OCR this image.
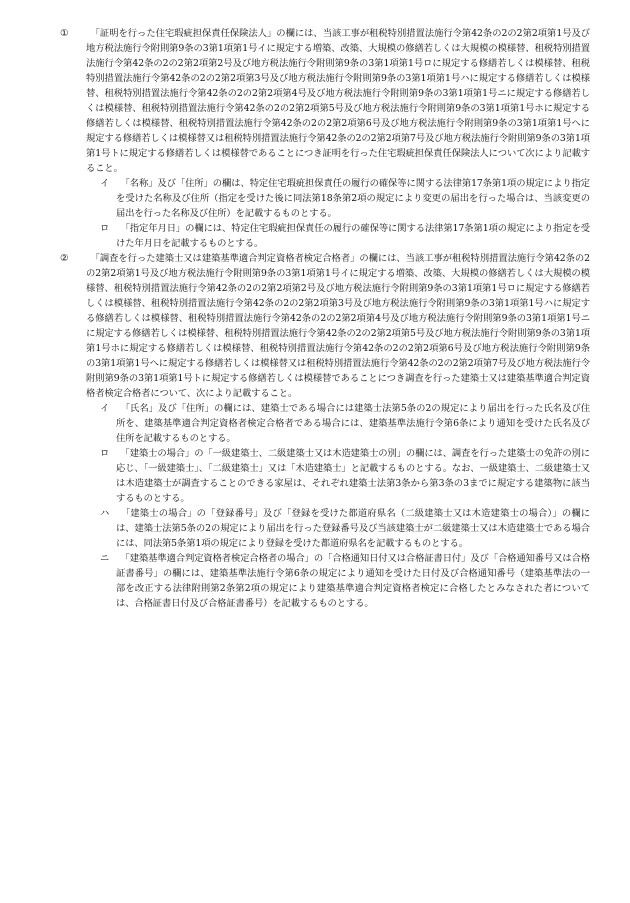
① 　「証明を行った住宅瑕疵担保責任保険法人」の欄には、当該工事が租税特別措置法施行令第42条の2の2第2項第1号及び地方税法施行令附則第9条の3第1項第1号イに規定する増築、改築、大規模の修繕若しくは大規模の模様替、租税特別措置法施行令第42条の2の2第2項第2号及び地方税法施行令附則第9条の3第1項第1号ロに規定する修繕若しくは模様替、租税特別措置法施行令第42条の2の2第2項第3号及び地方税法施行令附則第9条の3第1項第1号ハに規定する修繕若しくは模様替、租税特別措置法施行令第42条の2の2第2項第4号及び地方税法施行令附則第9条の3第1項第1号ニに規定する修繕若しくは模様替、租税特別措置法施行令第42条の2の2第2項第5号及び地方税法施行令附則第9条の3第1項第1号ホに規定する修繕若しくは模様替、租税特別措置法施行令第42条の2の2第2項第6号及び地方税法施行令附則第9条の3第1項第1号へに規定する修繕若しくは模様替又は租税特別措置法施行令第42条の2の2第2項第7号及び地方税法施行令附則第9条の3第1項第1号トに規定する修繕若しくは模様替であることにつき証明を行った住宅瑕疵担保責任保険法人について次により記載すること。
イ 　「名称」及び「住所」の欄は、特定住宅瑕疵担保責任の履行の確保等に関する法律第17条第1項の規定により指定を受けた名称及び住所（指定を受けた後に同法第18条第2項の規定により変更の届出を行った場合は、当該変更の届出を行った名称及び住所）を記載するものとする。
ロ 　「指定年月日」の欄には、特定住宅瑕疵担保責任の履行の確保等に関する法律第17条第1項の規定により指定を受けた年月日を記載するものとする。
② 　「調査を行った建築士又は建築基準適合判定資格者検定合格者」の欄には、当該工事が租税特別措置法施行令第42条の2の2第2項第1号及び地方税法施行令附則第9条の3第1項第1号イに規定する増築、改築、大規模の修繕若しくは大規模の模様替、租税特別措置法施行令第42条の2の2第2項第2号及び地方税法施行令附則第9条の3第1項第1号ロに規定する修繕若しくは模様替、租税特別措置法施行令第42条の2の2第2項第3号及び地方税法施行令附則第9条の3第1項第1号ハに規定する修繕若しくは模様替、租税特別措置法施行令第42条の2の2第2項第4号及び地方税法施行令附則第9条の3第1項第1号ニに規定する修繕若しくは模様替、租税特別措置法施行令第42条の2の2第2項第5号及び地方税法施行令附則第9条の3第1項第1号ホに規定する修繕若しくは模様替、租税特別措置法施行令第42条の2の2第2項第6号及び地方税法施行令附則第9条の3第1項第1号へに規定する修繕若しくは模様替又は租税特別措置法施行令第42条の2の2第2項第7号及び地方税法施行令附則第9条の3第1項第1号トに規定する修繕若しくは模様替であることにつき調査を行った建築士又は建築基準適合判定資格者検定合格者について、次により記載すること。
イ 　「氏名」及び「住所」の欄には、建築士である場合には建築士法第5条の2の規定により届出を行った氏名及び住所を、建築基準適合判定資格者検定合格者である場合には、建築基準法施行令第6条により通知を受けた氏名及び住所を記載するものとする。
ロ 　「建築士の場合」の「一級建築士、二級建築士又は木造建築士の別」の欄には、調査を行った建築士の免許の別に応じ、「一級建築士」、「二級建築士」又は「木造建築士」と記載するものとする。なお、一級建築士、二級建築士又は木造建築士が調査することのできる家屋は、それぞれ建築士法第3条から第3条の3までに規定する建築物に該当するものとする。
ハ 　「建築士の場合」の「登録番号」及び「登録を受けた都道府県名（二級建築士又は木造建築士の場合）」の欄には、建築士法第5条の2の規定により届出を行った登録番号及び当該建築士が二級建築士又は木造建築士である場合には、同法第5条第1項の規定により登録を受けた都道府県名を記載するものとする。
ニ 　「建築基準適合判定資格者検定合格者の場合」の「合格通知日付又は合格証書日付」及び「合格通知番号又は合格証書番号」の欄には、建築基準法施行令第6条の規定により通知を受けた日付及び合格通知番号（建築基準法の一部を改正する法律附則第2条第2項の規定により建築基準適合判定資格者検定に合格したとみなされた者については、合格証書日付及び合格証書番号）を記載するものとする。
